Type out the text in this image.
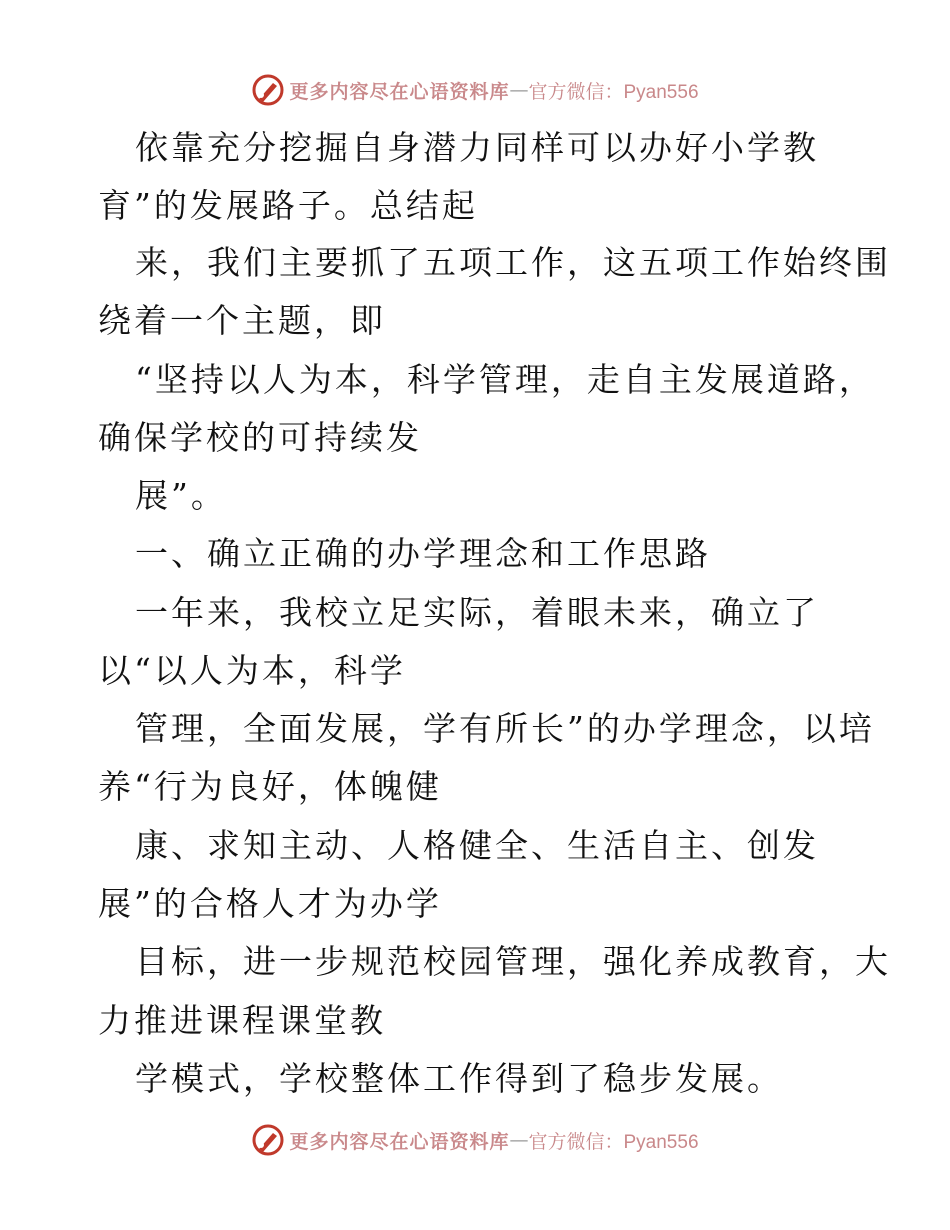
更多内容尽在心语资料库 — 官方微信：Pyan556
依靠充分挖掘自身潜力同样可以办好小学教
育”的发展路子。总结起
来，我们主要抓了五项工作，这五项工作始终围
绕着一个主题，即
“坚持以人为本，科学管理，走自主发展道路，
确保学校的可持续发
展”。
一、确立正确的办学理念和工作思路
一年来，我校立足实际，着眼未来，确立了
以“以人为本，科学
管理，全面发展，学有所长”的办学理念，以培
养“行为良好，体魄健
康、求知主动、人格健全、生活自主、创发
展”的合格人才为办学
目标，进一步规范校园管理，强化养成教育，大
力推进课程课堂教
学模式，学校整体工作得到了稳步发展。
更多内容尽在心语资料库 — 官方微信：Pyan556
